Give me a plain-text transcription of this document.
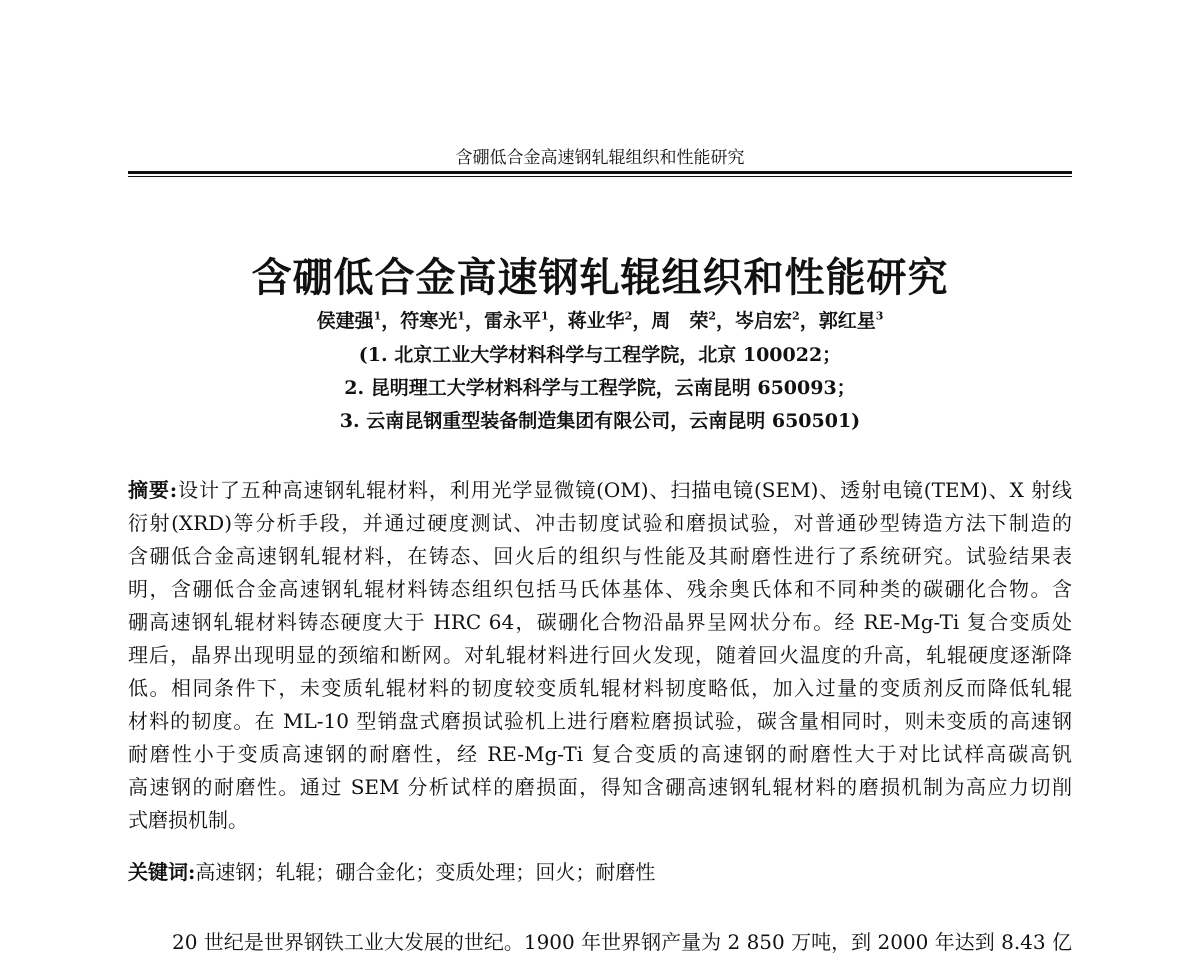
含硼低合金高速钢轧辊组织和性能研究
含硼低合金高速钢轧辊组织和性能研究
侯建强$^1$，符寒光$^1$，雷永平$^1$，蒋业华$^2$，周　荣$^2$，岑启宏$^2$，郭红星$^3$
(1. 北京工业大学材料科学与工程学院，北京 100022；
2. 昆明理工大学材料科学与工程学院，云南昆明 650093；
3. 云南昆钢重型装备制造集团有限公司，云南昆明 650501)
摘要:设计了五种高速钢轧辊材料，利用光学显微镜(OM)、扫描电镜(SEM)、透射电镜(TEM)、X 射线
衍射(XRD)等分析手段，并通过硬度测试、冲击韧度试验和磨损试验，对普通砂型铸造方法下制造的
含硼低合金高速钢轧辊材料，在铸态、回火后的组织与性能及其耐磨性进行了系统研究。试验结果表
明，含硼低合金高速钢轧辊材料铸态组织包括马氏体基体、残余奥氏体和不同种类的碳硼化合物。含
硼高速钢轧辊材料铸态硬度大于 HRC 64，碳硼化合物沿晶界呈网状分布。经 RE-Mg-Ti 复合变质处
理后，晶界出现明显的颈缩和断网。对轧辊材料进行回火发现，随着回火温度的升高，轧辊硬度逐渐降
低。相同条件下，未变质轧辊材料的韧度较变质轧辊材料韧度略低，加入过量的变质剂反而降低轧辊
材料的韧度。在 ML-10 型销盘式磨损试验机上进行磨粒磨损试验，碳含量相同时，则未变质的高速钢
耐磨性小于变质高速钢的耐磨性，经 RE-Mg-Ti 复合变质的高速钢的耐磨性大于对比试样高碳高钒
高速钢的耐磨性。通过 SEM 分析试样的磨损面，得知含硼高速钢轧辊材料的磨损机制为高应力切削
式磨损机制。
关键词:高速钢；轧辊；硼合金化；变质处理；回火；耐磨性
20 世纪是世界钢铁工业大发展的世纪。1900 年世界钢产量为 2 850 万吨，到 2000 年达到 8.43 亿
